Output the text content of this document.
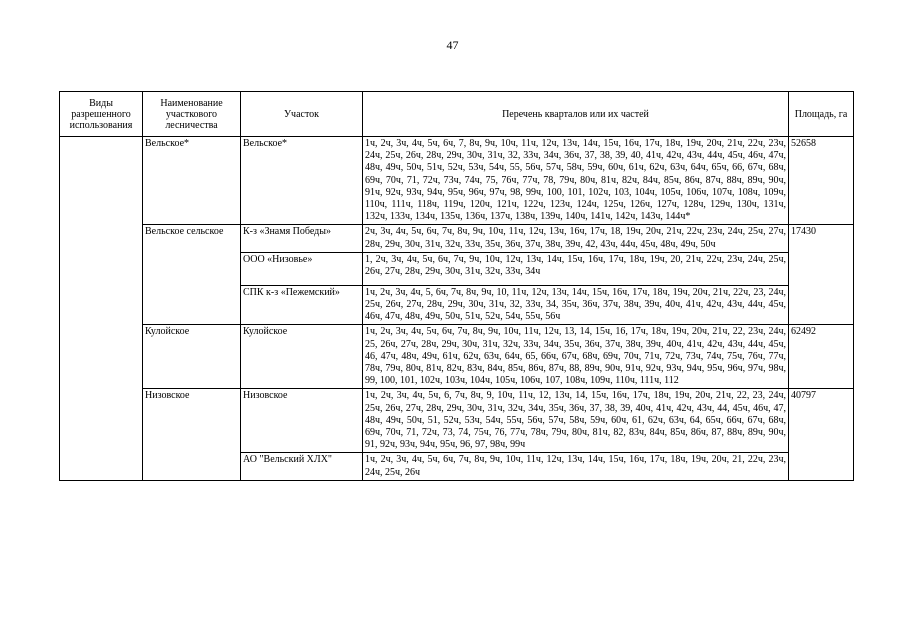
47
Виды разрешенного использования	Наименование участкового лесничества	Участок	Перечень кварталов или их частей	Площадь, га
	Вельское*	Вельское*	1ч, 2ч, 3ч, 4ч, 5ч, 6ч, 7, 8ч, 9ч, 10ч, 11ч, 12ч, 13ч, 14ч, 15ч, 16ч, 17ч, 18ч, 19ч, 20ч, 21ч, 22ч, 23ч, 24ч, 25ч, 26ч, 28ч, 29ч, 30ч, 31ч, 32, 33ч, 34ч, 36ч, 37, 38, 39, 40, 41ч, 42ч, 43ч, 44ч, 45ч, 46ч, 47ч, 48ч, 49ч, 50ч, 51ч, 52ч, 53ч, 54ч, 55, 56ч, 57ч, 58ч, 59ч, 60ч, 61ч, 62ч, 63ч, 64ч, 65ч, 66, 67ч, 68ч, 69ч, 70ч, 71, 72ч, 73ч, 74ч, 75, 76ч, 77ч, 78, 79ч, 80ч, 81ч, 82ч, 84ч, 85ч, 86ч, 87ч, 88ч, 89ч, 90ч, 91ч, 92ч, 93ч, 94ч, 95ч, 96ч, 97ч, 98, 99ч, 100, 101, 102ч, 103, 104ч, 105ч, 106ч, 107ч, 108ч, 109ч, 110ч, 111ч, 118ч, 119ч, 120ч, 121ч, 122ч, 123ч, 124ч, 125ч, 126ч, 127ч, 128ч, 129ч, 130ч, 131ч, 132ч, 133ч, 134ч, 135ч, 136ч, 137ч, 138ч, 139ч, 140ч, 141ч, 142ч, 143ч, 144ч*	52658
	Вельское сельское	К-з «Знамя Победы»	2ч, 3ч, 4ч, 5ч, 6ч, 7ч, 8ч, 9ч, 10ч, 11ч, 12ч, 13ч, 16ч, 17ч, 18, 19ч, 20ч, 21ч, 22ч, 23ч, 24ч, 25ч, 27ч, 28ч, 29ч, 30ч, 31ч, 32ч, 33ч, 35ч, 36ч, 37ч, 38ч, 39ч, 42, 43ч, 44ч, 45ч, 48ч, 49ч, 50ч	17430
		ООО «Низовье»	1, 2ч, 3ч, 4ч, 5ч, 6ч, 7ч, 9ч, 10ч, 12ч, 13ч, 14ч, 15ч, 16ч, 17ч, 18ч, 19ч, 20, 21ч, 22ч, 23ч, 24ч, 25ч, 26ч, 27ч, 28ч, 29ч, 30ч, 31ч, 32ч, 33ч, 34ч	
		СПК к-з «Пежемский»	1ч, 2ч, 3ч, 4ч, 5, 6ч, 7ч, 8ч, 9ч, 10, 11ч, 12ч, 13ч, 14ч, 15ч, 16ч, 17ч, 18ч, 19ч, 20ч, 21ч, 22ч, 23, 24ч, 25ч, 26ч, 27ч, 28ч, 29ч, 30ч, 31ч, 32, 33ч, 34, 35ч, 36ч, 37ч, 38ч, 39ч, 40ч, 41ч, 42ч, 43ч, 44ч, 45ч, 46ч, 47ч, 48ч, 49ч, 50ч, 51ч, 52ч, 54ч, 55ч, 56ч	
	Кулойское	Кулойское	1ч, 2ч, 3ч, 4ч, 5ч, 6ч, 7ч, 8ч, 9ч, 10ч, 11ч, 12ч, 13, 14, 15ч, 16, 17ч, 18ч, 19ч, 20ч, 21ч, 22, 23ч, 24ч, 25, 26ч, 27ч, 28ч, 29ч, 30ч, 31ч, 32ч, 33ч, 34ч, 35ч, 36ч, 37ч, 38ч, 39ч, 40ч, 41ч, 42ч, 43ч, 44ч, 45ч, 46, 47ч, 48ч, 49ч, 61ч, 62ч, 63ч, 64ч, 65, 66ч, 67ч, 68ч, 69ч, 70ч, 71ч, 72ч, 73ч, 74ч, 75ч, 76ч, 77ч, 78ч, 79ч, 80ч, 81ч, 82ч, 83ч, 84ч, 85ч, 86ч, 87ч, 88, 89ч, 90ч, 91ч, 92ч, 93ч, 94ч, 95ч, 96ч, 97ч, 98ч, 99, 100, 101, 102ч, 103ч, 104ч, 105ч, 106ч, 107, 108ч, 109ч, 110ч, 111ч, 112	62492
	Низовское	Низовское	1ч, 2ч, 3ч, 4ч, 5ч, 6, 7ч, 8ч, 9, 10ч, 11ч, 12, 13ч, 14, 15ч, 16ч, 17ч, 18ч, 19ч, 20ч, 21ч, 22, 23, 24ч, 25ч, 26ч, 27ч, 28ч, 29ч, 30ч, 31ч, 32ч, 34ч, 35ч, 36ч, 37, 38, 39, 40ч, 41ч, 42ч, 43ч, 44, 45ч, 46ч, 47, 48ч, 49ч, 50ч, 51, 52ч, 53ч, 54ч, 55ч, 56ч, 57ч, 58ч, 59ч, 60ч, 61, 62ч, 63ч, 64, 65ч, 66ч, 67ч, 68ч, 69ч, 70ч, 71, 72ч, 73, 74, 75ч, 76, 77ч, 78ч, 79ч, 80ч, 81ч, 82, 83ч, 84ч, 85ч, 86ч, 87, 88ч, 89ч, 90ч, 91, 92ч, 93ч, 94ч, 95ч, 96, 97, 98ч, 99ч	40797
		АО "Вельский ХЛХ"	1ч, 2ч, 3ч, 4ч, 5ч, 6ч, 7ч, 8ч, 9ч, 10ч, 11ч, 12ч, 13ч, 14ч, 15ч, 16ч, 17ч, 18ч, 19ч, 20ч, 21, 22ч, 23ч, 24ч, 25ч, 26ч	
